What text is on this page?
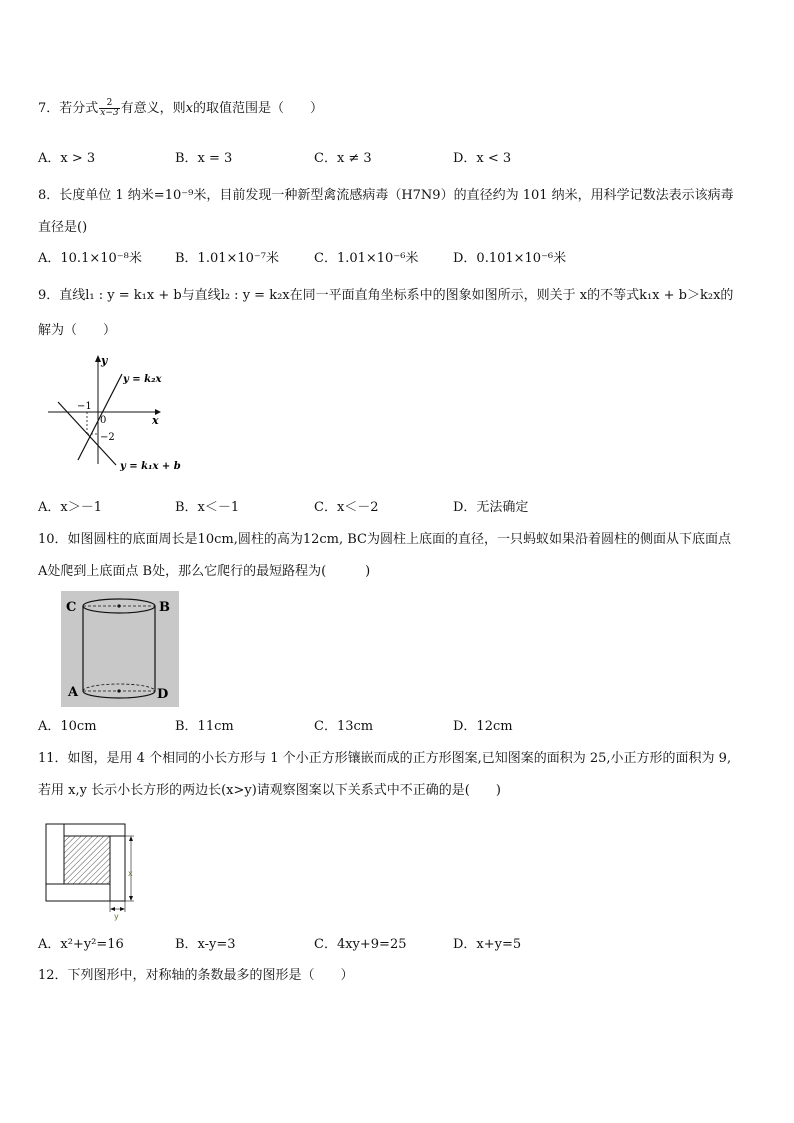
7．若分式 $\frac{2}{x-3}$ 有意义，则x的取值范围是（　　）
A．x > 3	B．x = 3	C．x ≠ 3	D．x < 3
8．长度单位 1 纳米=10⁻⁹米，目前发现一种新型禽流感病毒（H7N9）的直径约为 101 纳米，用科学记数法表示该病毒
直径是()
A．10.1×10⁻⁸米	B．1.01×10⁻⁷米	C．1.01×10⁻⁶米	D．0.101×10⁻⁶米
9．直线l₁ : y = k₁x + b与直线l₂ : y = k₂x在同一平面直角坐标系中的图象如图所示，则关于 x的不等式k₁x + b＞k₂x的
解为（　　）
y
x
y = k₂x
y = k₁x + b
−1
0
−2
A．x＞－1	B．x＜－1	C．x＜－2	D．无法确定
10．如图圆柱的底面周长是10cm,圆柱的高为12cm, BC为圆柱上底面的直径，一只蚂蚁如果沿着圆柱的侧面从下底面点
A处爬到上底面点 B处，那么它爬行的最短路程为(　　　)
C	B
A	D
A．10cm	B．11cm	C．13cm	D．12cm
11．如图，是用 4 个相同的小长方形与 1 个小正方形镶嵌而成的正方形图案,已知图案的面积为 25,小正方形的面积为 9,
若用 x,y 长示小长方形的两边长(x>y)请观察图案以下关系式中不正确的是(　　)
x
y
A．x²+y²=16	B．x-y=3	C．4xy+9=25	D．x+y=5
12．下列图形中，对称轴的条数最多的图形是（　　）
